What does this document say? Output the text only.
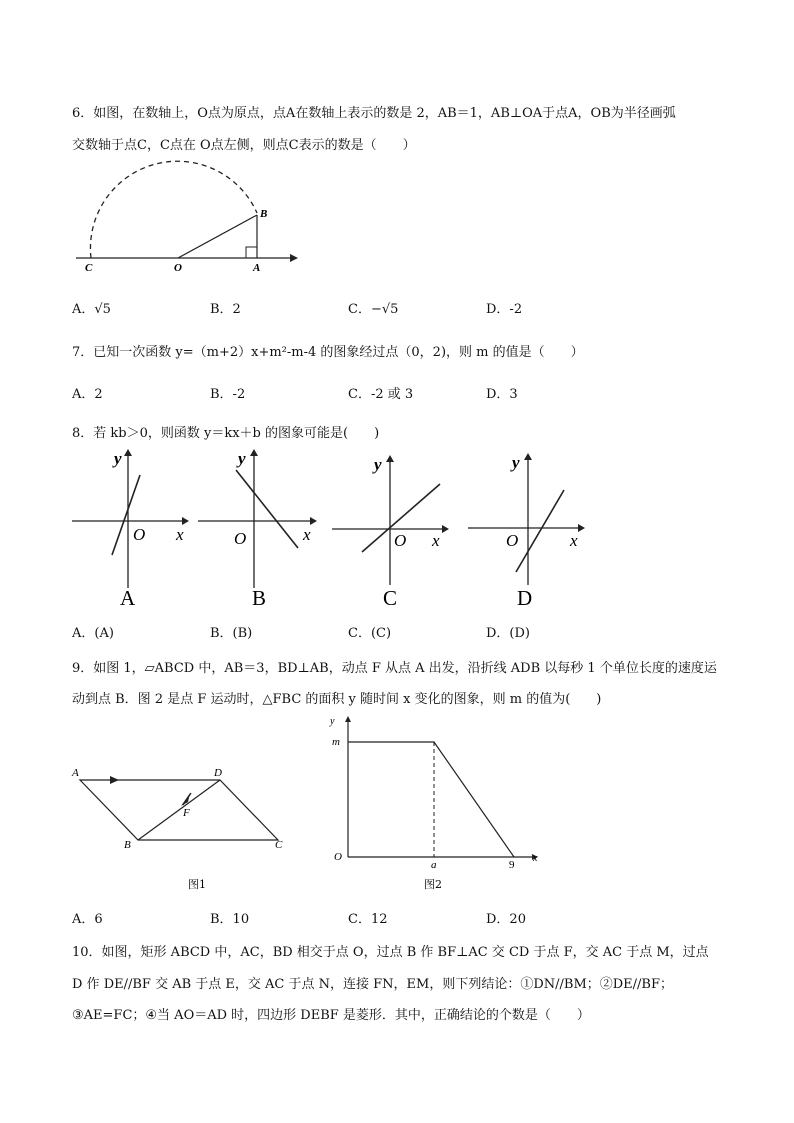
6．如图，在数轴上，O点为原点，点A在数轴上表示的数是 2，AB＝1，AB⊥OA于点A，OB为半径画弧
交数轴于点C，C点在 O点左侧，则点C表示的数是（　　）
C	O	A
B
A．√5	B．2	C．−√5	D．-2
7．已知一次函数 y=（m+2）x+m²-m-4 的图象经过点（0，2)，则 m 的值是（　　）
A．2	B．-2	C．-2 或 3	D．3
8．若 kb＞0，则函数 y＝kx＋b 的图象可能是(　　)
y
O x
A
y
O	x
B
y
O x
C
y
O	x
D
A．(A)	B．(B)	C．(C)	D．(D)
9．如图 1，▱ABCD 中，AB＝3，BD⊥AB，动点 F 从点 A 出发，沿折线 ADB 以每秒 1 个单位长度的速度运
动到点 B．图 2 是点 F 运动时，△FBC 的面积 y 随时间 x 变化的图象，则 m 的值为(　　)
A	D
F
B	C
图1
y
m
O
a	9
x
图2
A．6	B．10	C．12	D．20
10．如图，矩形 ABCD 中，AC，BD 相交于点 O，过点 B 作 BF⊥AC 交 CD 于点 F，交 AC 于点 M，过点
D 作 DE//BF 交 AB 于点 E，交 AC 于点 N，连接 FN，EM，则下列结论：①DN//BM；②DE//BF；
③AE=FC；④当 AO＝AD 时，四边形 DEBF 是菱形．其中，正确结论的个数是（　　）
